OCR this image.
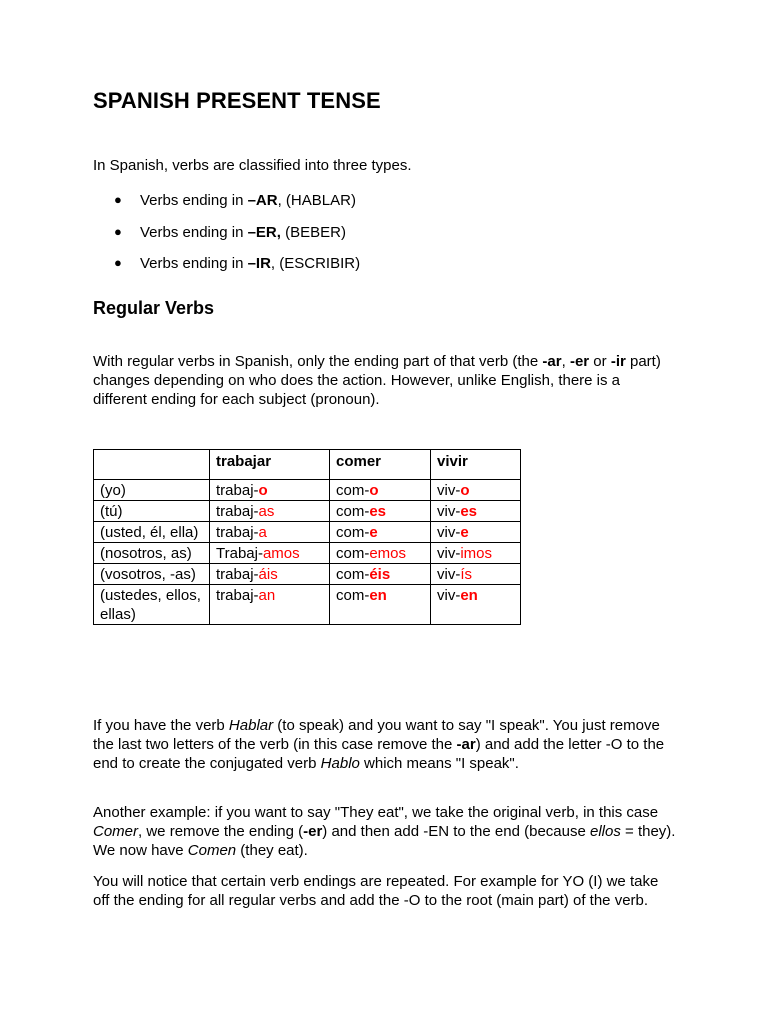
SPANISH PRESENT TENSE
In Spanish, verbs are classified into three types.
● Verbs ending in –AR, (HABLAR)
● Verbs ending in –ER, (BEBER)
● Verbs ending in –IR, (ESCRIBIR)
Regular Verbs
With regular verbs in Spanish, only the ending part of that verb (the -ar, -er or -ir part) changes depending on who does the action. However, unlike English, there is a different ending for each subject (pronoun).
	trabajar	comer	vivir
(yo)	trabaj-o	com-o	viv-o
(tú)	trabaj-as	com-es	viv-es
(usted, él, ella)	trabaj-a	com-e	viv-e
(nosotros, as)	Trabaj-amos	com-emos	viv-imos
(vosotros, -as)	trabaj-áis	com-éis	viv-ís
(ustedes, ellos, ellas)	trabaj-an	com-en	viv-en
If you have the verb Hablar (to speak) and you want to say "I speak". You just remove the last two letters of the verb (in this case remove the -ar) and add the letter -O to the end to create the conjugated verb Hablo which means "I speak".
Another example: if you want to say "They eat", we take the original verb, in this case Comer, we remove the ending (-er) and then add -EN to the end (because ellos = they). We now have Comen (they eat).
You will notice that certain verb endings are repeated. For example for YO (I) we take off the ending for all regular verbs and add the -O to the root (main part) of the verb.
